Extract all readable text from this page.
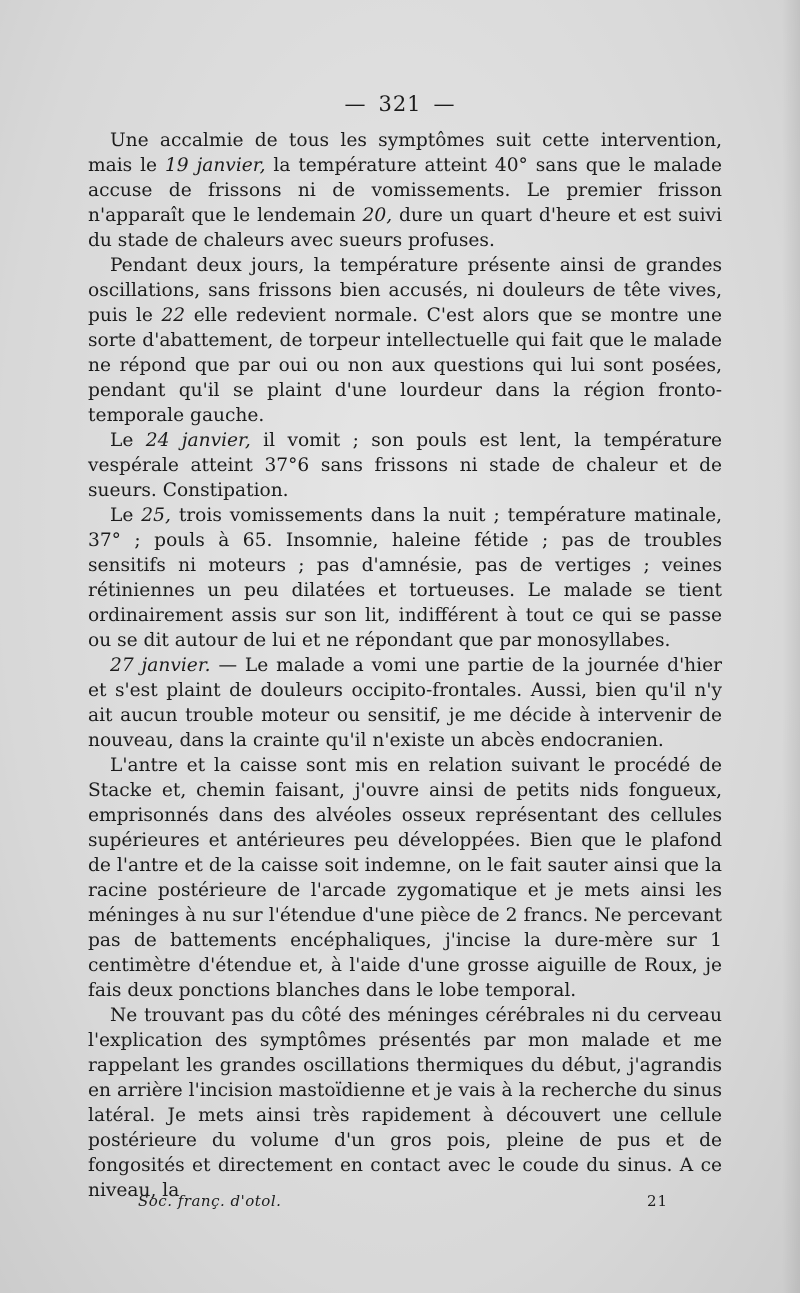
— 321 —

Une accalmie de tous les symptômes suit cette intervention, mais le 19 janvier, la température atteint 40° sans que le malade accuse de frissons ni de vomissements. Le premier frisson n'apparaît que le lendemain 20, dure un quart d'heure et est suivi du stade de chaleurs avec sueurs profuses.

Pendant deux jours, la température présente ainsi de grandes oscillations, sans frissons bien accusés, ni douleurs de tête vives, puis le 22 elle redevient normale. C'est alors que se montre une sorte d'abattement, de torpeur intellectuelle qui fait que le malade ne répond que par oui ou non aux questions qui lui sont posées, pendant qu'il se plaint d'une lourdeur dans la région fronto-temporale gauche.

Le 24 janvier, il vomit ; son pouls est lent, la température vespérale atteint 37°6 sans frissons ni stade de chaleur et de sueurs. Constipation.

Le 25, trois vomissements dans la nuit ; température matinale, 37° ; pouls à 65. Insomnie, haleine fétide ; pas de troubles sensitifs ni moteurs ; pas d'amnésie, pas de vertiges ; veines rétiniennes un peu dilatées et tortueuses. Le malade se tient ordinairement assis sur son lit, indifférent à tout ce qui se passe ou se dit autour de lui et ne répondant que par monosyllabes.

27 janvier. — Le malade a vomi une partie de la journée d'hier et s'est plaint de douleurs occipito-frontales. Aussi, bien qu'il n'y ait aucun trouble moteur ou sensitif, je me décide à intervenir de nouveau, dans la crainte qu'il n'existe un abcès endocranien.

L'antre et la caisse sont mis en relation suivant le procédé de Stacke et, chemin faisant, j'ouvre ainsi de petits nids fongueux, emprisonnés dans des alvéoles osseux représentant des cellules supérieures et antérieures peu développées. Bien que le plafond de l'antre et de la caisse soit indemne, on le fait sauter ainsi que la racine postérieure de l'arcade zygomatique et je mets ainsi les méninges à nu sur l'étendue d'une pièce de 2 francs. Ne percevant pas de battements encéphaliques, j'incise la dure-mère sur 1 centimètre d'étendue et, à l'aide d'une grosse aiguille de Roux, je fais deux ponctions blanches dans le lobe temporal.

Ne trouvant pas du côté des méninges cérébrales ni du cerveau l'explication des symptômes présentés par mon malade et me rappelant les grandes oscillations thermiques du début, j'agrandis en arrière l'incision mastoïdienne et je vais à la recherche du sinus latéral. Je mets ainsi très rapidement à découvert une cellule postérieure du volume d'un gros pois, pleine de pus et de fongosités et directement en contact avec le coude du sinus. A ce niveau, la

Soc. franç. d'otol.	21
